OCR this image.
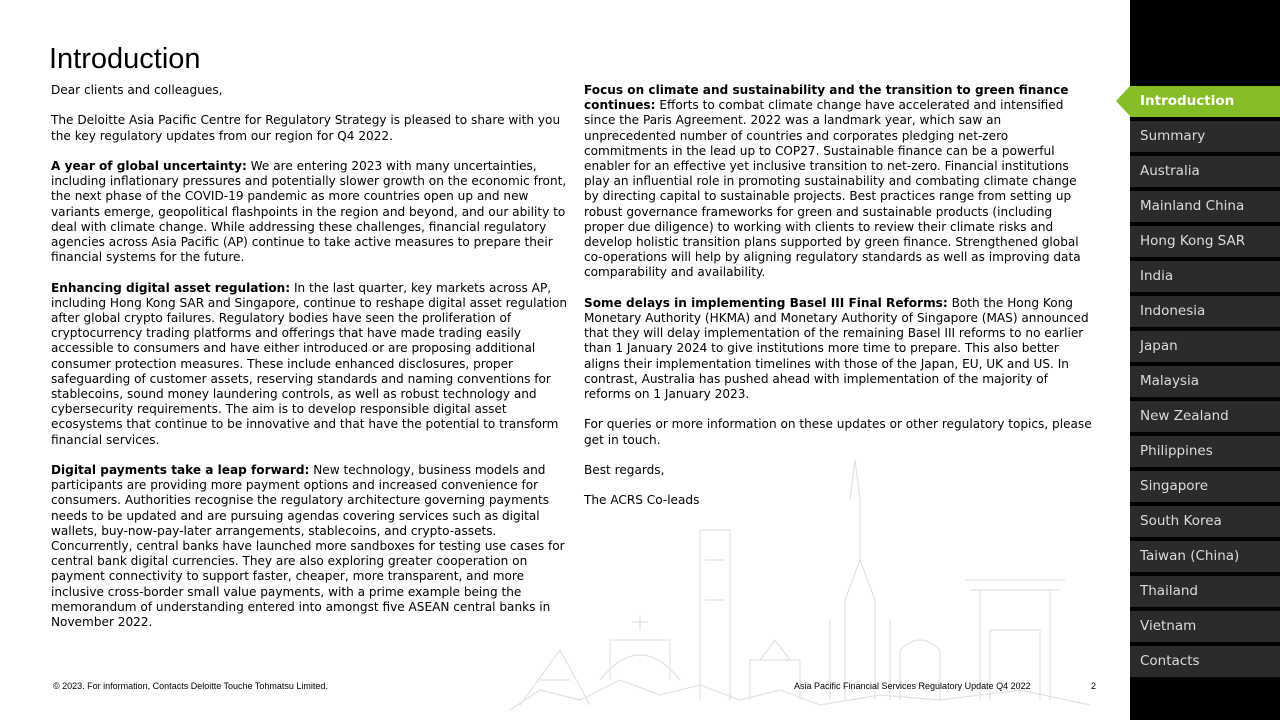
Introduction

Dear clients and colleagues,

The Deloitte Asia Pacific Centre for Regulatory Strategy is pleased to share with you the key regulatory updates from our region for Q4 2022.

A year of global uncertainty: We are entering 2023 with many uncertainties, including inflationary pressures and potentially slower growth on the economic front, the next phase of the COVID-19 pandemic as more countries open up and new variants emerge, geopolitical flashpoints in the region and beyond, and our ability to deal with climate change. While addressing these challenges, financial regulatory agencies across Asia Pacific (AP) continue to take active measures to prepare their financial systems for the future.

Enhancing digital asset regulation: In the last quarter, key markets across AP, including Hong Kong SAR and Singapore, continue to reshape digital asset regulation after global crypto failures. Regulatory bodies have seen the proliferation of cryptocurrency trading platforms and offerings that have made trading easily accessible to consumers and have either introduced or are proposing additional consumer protection measures. These include enhanced disclosures, proper safeguarding of customer assets, reserving standards and naming conventions for stablecoins, sound money laundering controls, as well as robust technology and cybersecurity requirements. The aim is to develop responsible digital asset ecosystems that continue to be innovative and that have the potential to transform financial services.

Digital payments take a leap forward: New technology, business models and participants are providing more payment options and increased convenience for consumers. Authorities recognise the regulatory architecture governing payments needs to be updated and are pursuing agendas covering services such as digital wallets, buy-now-pay-later arrangements, stablecoins, and crypto-assets. Concurrently, central banks have launched more sandboxes for testing use cases for central bank digital currencies. They are also exploring greater cooperation on payment connectivity to support faster, cheaper, more transparent, and more inclusive cross-border small value payments, with a prime example being the memorandum of understanding entered into amongst five ASEAN central banks in November 2022.

Focus on climate and sustainability and the transition to green finance continues: Efforts to combat climate change have accelerated and intensified since the Paris Agreement. 2022 was a landmark year, which saw an unprecedented number of countries and corporates pledging net-zero commitments in the lead up to COP27. Sustainable finance can be a powerful enabler for an effective yet inclusive transition to net-zero. Financial institutions play an influential role in promoting sustainability and combating climate change by directing capital to sustainable projects. Best practices range from setting up robust governance frameworks for green and sustainable products (including proper due diligence) to working with clients to review their climate risks and develop holistic transition plans supported by green finance. Strengthened global co-operations will help by aligning regulatory standards as well as improving data comparability and availability.

Some delays in implementing Basel III Final Reforms: Both the Hong Kong Monetary Authority (HKMA) and Monetary Authority of Singapore (MAS) announced that they will delay implementation of the remaining Basel III reforms to no earlier than 1 January 2024 to give institutions more time to prepare. This also better aligns their implementation timelines with those of the Japan, EU, UK and US. In contrast, Australia has pushed ahead with implementation of the majority of reforms on 1 January 2023.

For queries or more information on these updates or other regulatory topics, please get in touch.

Best regards,

The ACRS Co-leads

© 2023. For information, Contacts Deloitte Touche Tohmatsu Limited.	Asia Pacific Financial Services Regulatory Update Q4 2022	2
Introduction
Summary
Australia
Mainland China
Hong Kong SAR
India
Indonesia
Japan
Malaysia
New Zealand
Philippines
Singapore
South Korea
Taiwan (China)
Thailand
Vietnam
Contacts
